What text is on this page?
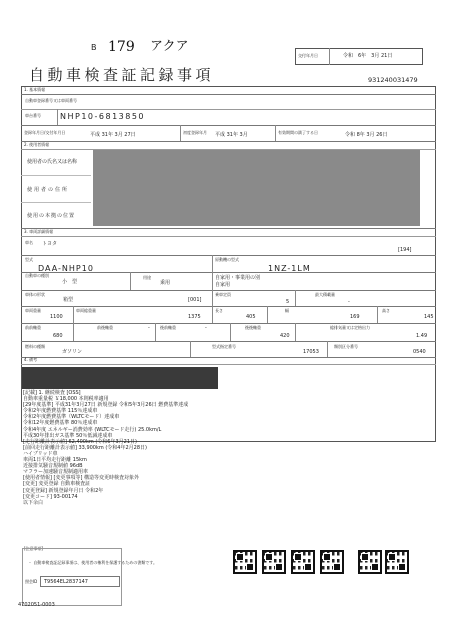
B 179 アクア
交付年月日	令和　6年　3月 21日
自動車検査証記録事項	931240031479
1. 基本情報
自動車登録番号又は車両番号
車台番号 NHP10-6813850
登録年月日/交付年月日	平成 31年 3月 27日	初度登録年月 平成 31年 3月	有効期間の満了する日	令和 8年 3月 26日
2. 使用者情報
使用者の氏名又は名称
使用者の住所
使用の本拠の位置
3. 車両詳細情報
車名 トヨタ
[194]
型式
DAA-NHP10
原動機の型式
1NZ-1LM
自動車の種別
小　型
用途
乗用
自家用・事業用の別
自家用
車体の形状
箱型	[001]
乗車定員
5
最大積載量
-
車両重量
1100
車両総重量
1375
長さ
405
幅
169
高さ
145
前前軸重
680
前後軸重	-	後前軸重	-	後後軸重
420
総排気量又は定格出力
1.49
燃料の種類
ガソリン
型式指定番号
17053
類別区分番号
0540
4. 備考
[記載] 1. 継続検査 [OSS]
自動車重量税 ￥18,000 本則税率適用
[29年度基準] 平成31年3月27日 新規登録 令和5年3月26日 燃費基準達成
令和2年度燃費基準 115％達成車
令和2年度燃費基準（WLTCモード）達成車
令和12年度燃費基準 80％達成車
令和4年度 エネルギー消費効率 (WLTCモード走行) 25.0km/L
平成30年排出ガス基準 50％低減達成車
[走行距離計表示値] 62,400km (令和6年3月21日)
[前回走行距離計表示値] 33,900km (令和4年2月28日)
ハイブリッド車
車両1日平均走行距離 15km
近接排気騒音規制値 96dB
マフラー加速騒音規制適用車
[使用者情報] [変更事項等] 構造等変更時検査対象外
[変更] 変更登録 自動車検査証
[変更登録] 新規登録年月日 令和2年
[変更コード] 93-00174
以下余白
[注意事項]
・ 自動車検査証記録事項は、使用者の権利を保護するための書類です。
照会ID T9564EL2837147
4702051-0003
